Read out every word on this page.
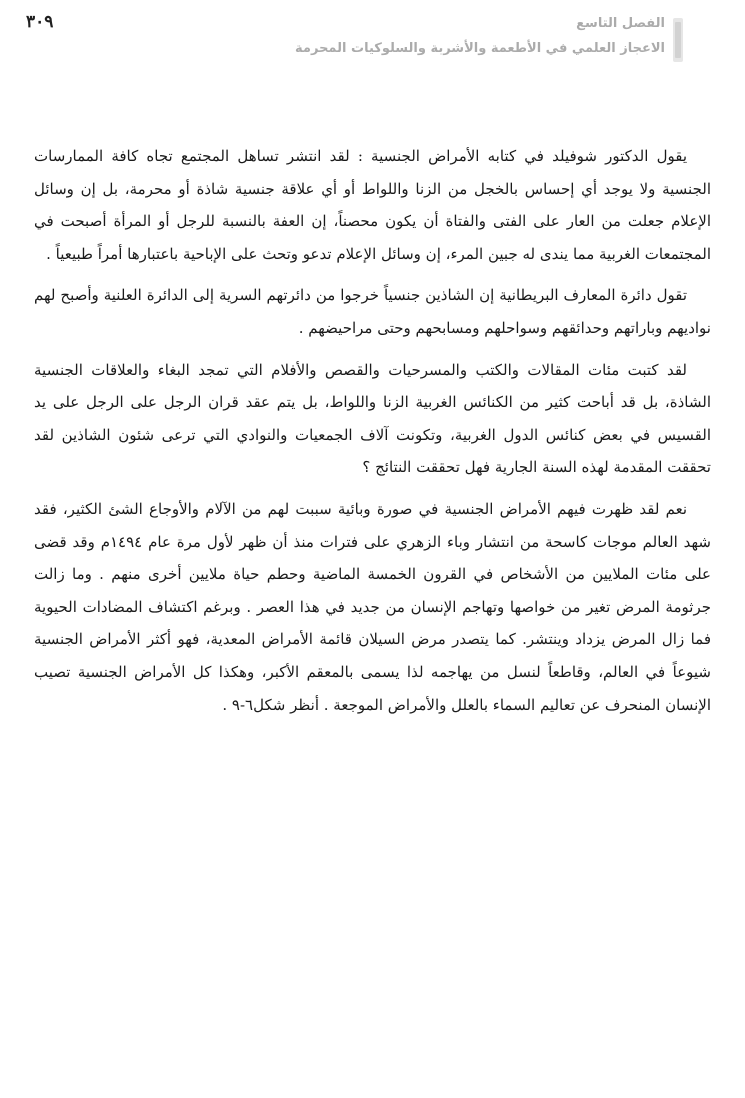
٣٠٩	الفصل التاسع
الاعجاز العلمي في الأطعمة والأشربة والسلوكيات المحرمة

يقول الدكتور شوفيلد في كتابه الأمراض الجنسية : لقد انتشر تساهل المجتمع تجاه كافة الممارسات الجنسية ولا يوجد أي إحساس بالخجل من الزنا واللواط أو أي علاقة جنسية شاذة أو محرمة، بل إن وسائل الإعلام جعلت من العار على الفتى والفتاة أن يكون محصناً، إن العفة بالنسبة للرجل أو المرأة أصبحت في المجتمعات الغربية مما يندى له جبين المرء، إن وسائل الإعلام تدعو وتحث على الإباحية باعتبارها أمراً طبيعياً .

تقول دائرة المعارف البريطانية إن الشاذين جنسياً خرجوا من دائرتهم السرية إلى الدائرة العلنية وأصبح لهم نواديهم وباراتهم وحدائقهم وسواحلهم ومسابحهم وحتى مراحيضهم .

لقد كتبت مئات المقالات والكتب والمسرحيات والقصص والأفلام التي تمجد البغاء والعلاقات الجنسية الشاذة، بل قد أباحت كثير من الكنائس الغربية الزنا واللواط، بل يتم عقد قران الرجل على الرجل على يد القسيس في بعض كنائس الدول الغربية، وتكونت آلاف الجمعيات والنوادي التي ترعى شئون الشاذين لقد تحققت المقدمة لهذه السنة الجارية فهل تحققت النتائج ؟

نعم لقد ظهرت فيهم الأمراض الجنسية في صورة وبائية سببت لهم من الآلام والأوجاع الشئ الكثير، فقد شهد العالم موجات كاسحة من انتشار وباء الزهري على فترات منذ أن ظهر لأول مرة عام ١٤٩٤م وقد قضى على مئات الملايين من الأشخاص في القرون الخمسة الماضية وحطم حياة ملايين أخرى منهم . وما زالت جرثومة المرض تغير من خواصها وتهاجم الإنسان من جديد في هذا العصر . وبرغم اكتشاف المضادات الحيوية فما زال المرض يزداد وينتشر. كما يتصدر مرض السيلان قائمة الأمراض المعدية، فهو أكثر الأمراض الجنسية شيوعاً في العالم، وقاطعاً لنسل من يهاجمه لذا يسمى بالمعقم الأكبر، وهكذا كل الأمراض الجنسية تصيب الإنسان المنحرف عن تعاليم السماء بالعلل والأمراض الموجعة . أنظر شكل٦-٩ .
